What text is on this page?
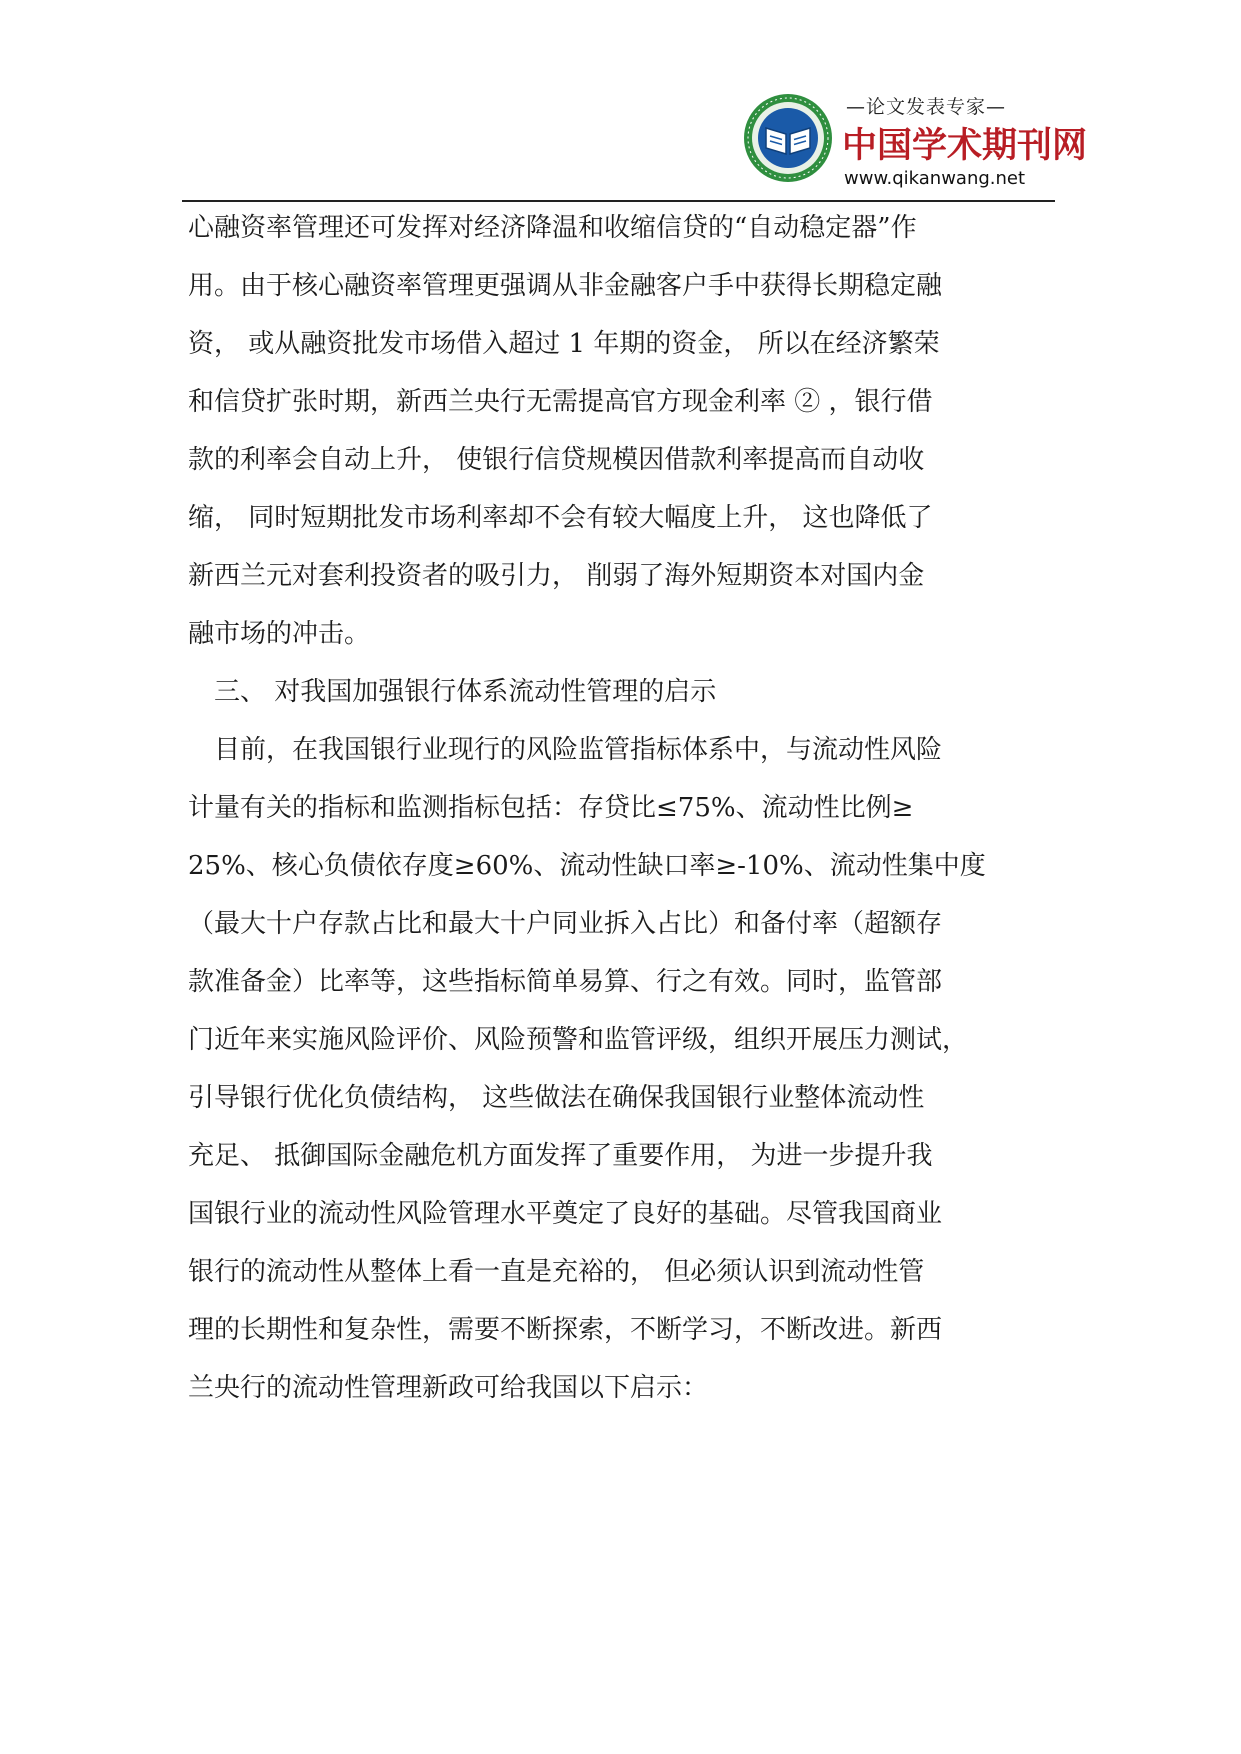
—论文发表专家—
中国学术期刊网
www.qikanwang.net
心融资率管理还可发挥对经济降温和收缩信贷的“自动稳定器”作
用。由于核心融资率管理更强调从非金融客户手中获得长期稳定融
资， 或从融资批发市场借入超过 1 年期的资金， 所以在经济繁荣
和信贷扩张时期，新西兰央行无需提高官方现金利率 ② ，银行借
款的利率会自动上升， 使银行信贷规模因借款利率提高而自动收
缩， 同时短期批发市场利率却不会有较大幅度上升， 这也降低了
新西兰元对套利投资者的吸引力， 削弱了海外短期资本对国内金
融市场的冲击。
三、 对我国加强银行体系流动性管理的启示
目前，在我国银行业现行的风险监管指标体系中，与流动性风险
计量有关的指标和监测指标包括：存贷比≤75%、流动性比例≥
25%、核心负债依存度≥60%、流动性缺口率≥-10%、流动性集中度
（最大十户存款占比和最大十户同业拆入占比）和备付率（超额存
款准备金）比率等，这些指标简单易算、行之有效。同时，监管部
门近年来实施风险评价、风险预警和监管评级，组织开展压力测试，
引导银行优化负债结构， 这些做法在确保我国银行业整体流动性
充足、 抵御国际金融危机方面发挥了重要作用， 为进一步提升我
国银行业的流动性风险管理水平奠定了良好的基础。尽管我国商业
银行的流动性从整体上看一直是充裕的， 但必须认识到流动性管
理的长期性和复杂性，需要不断探索，不断学习，不断改进。新西
兰央行的流动性管理新政可给我国以下启示：
